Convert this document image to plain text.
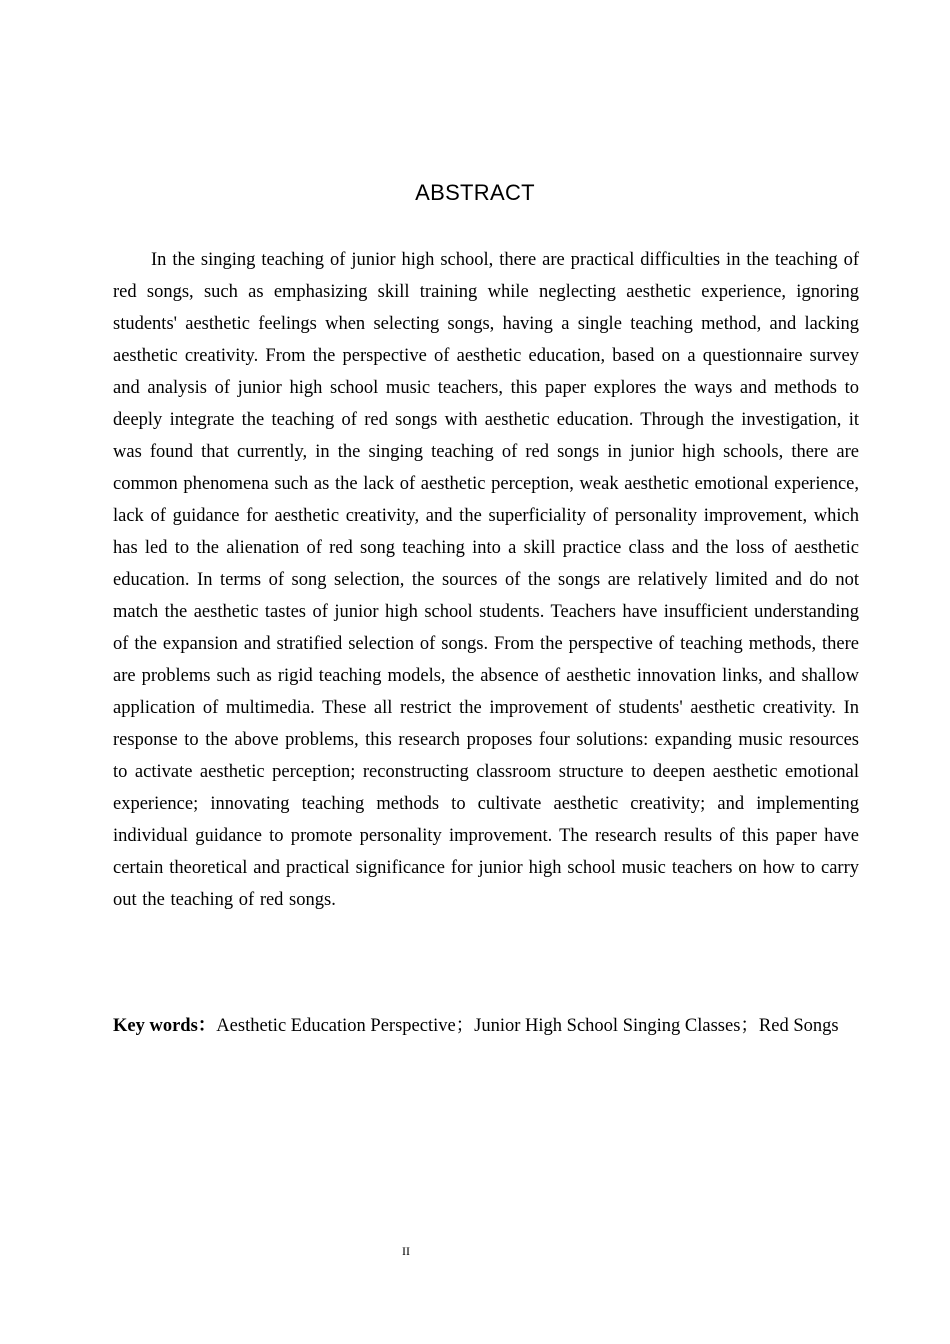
ABSTRACT
In the singing teaching of junior high school, there are practical difficulties in the teaching of red songs, such as emphasizing skill training while neglecting aesthetic experience, ignoring students' aesthetic feelings when selecting songs, having a single teaching method, and lacking aesthetic creativity. From the perspective of aesthetic education, based on a questionnaire survey and analysis of junior high school music teachers, this paper explores the ways and methods to deeply integrate the teaching of red songs with aesthetic education. Through the investigation, it was found that currently, in the singing teaching of red songs in junior high schools, there are common phenomena such as the lack of aesthetic perception, weak aesthetic emotional experience, lack of guidance for aesthetic creativity, and the superficiality of personality improvement, which has led to the alienation of red song teaching into a skill practice class and the loss of aesthetic education. In terms of song selection, the sources of the songs are relatively limited and do not match the aesthetic tastes of junior high school students. Teachers have insufficient understanding of the expansion and stratified selection of songs. From the perspective of teaching methods, there are problems such as rigid teaching models, the absence of aesthetic innovation links, and shallow application of multimedia. These all restrict the improvement of students' aesthetic creativity. In response to the above problems, this research proposes four solutions: expanding music resources to activate aesthetic perception; reconstructing classroom structure to deepen aesthetic emotional experience; innovating teaching methods to cultivate aesthetic creativity; and implementing individual guidance to promote personality improvement. The research results of this paper have certain theoretical and practical significance for junior high school music teachers on how to carry out the teaching of red songs.
Key words：Aesthetic Education Perspective；Junior High School Singing Classes；Red Songs
II
